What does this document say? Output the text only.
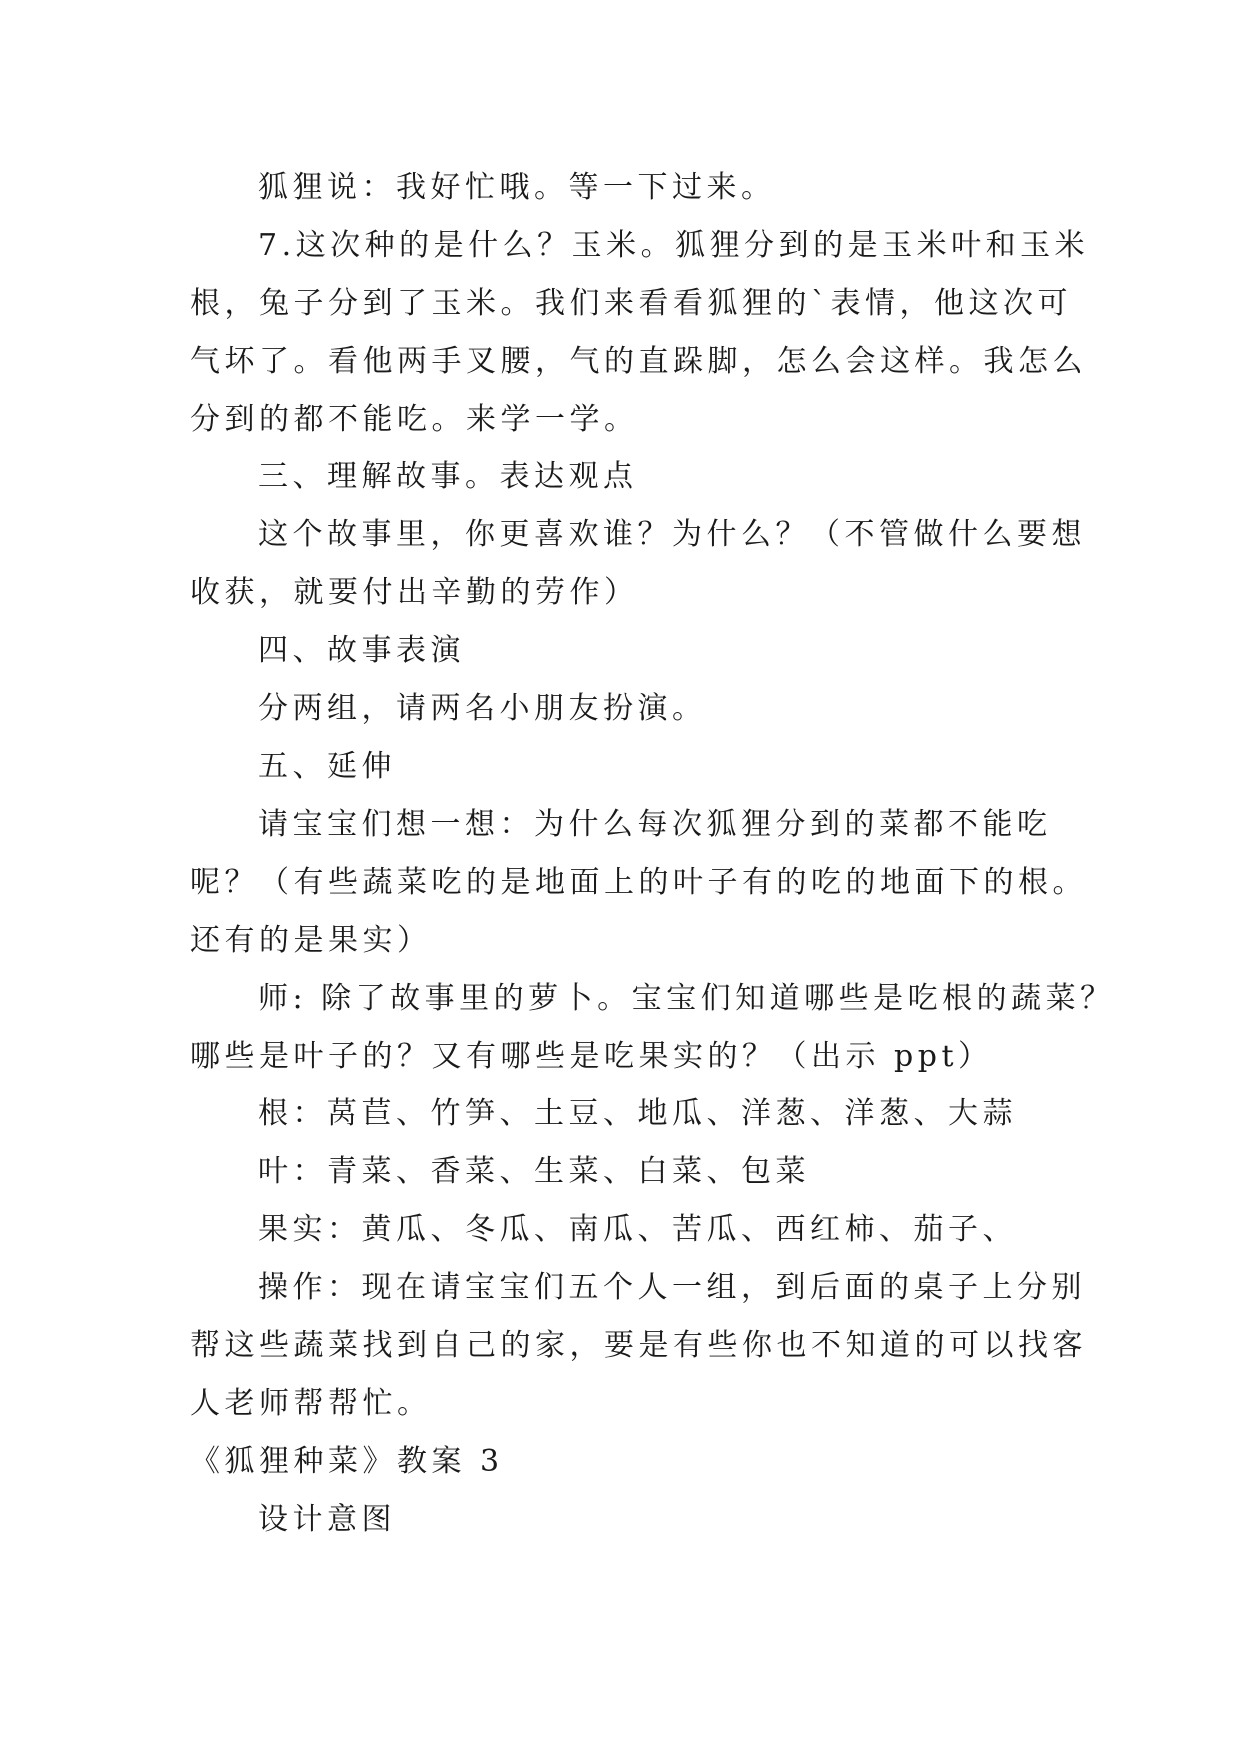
狐狸说：我好忙哦。等一下过来。
7.这次种的是什么？玉米。狐狸分到的是玉米叶和玉米
根，兔子分到了玉米。我们来看看狐狸的`表情，他这次可
气坏了。看他两手叉腰，气的直跺脚，怎么会这样。我怎么
分到的都不能吃。来学一学。
三、理解故事。表达观点
这个故事里，你更喜欢谁？为什么？（不管做什么要想
收获，就要付出辛勤的劳作）
四、故事表演
分两组，请两名小朋友扮演。
五、延伸
请宝宝们想一想：为什么每次狐狸分到的菜都不能吃
呢？（有些蔬菜吃的是地面上的叶子有的吃的地面下的根。
还有的是果实）
师: 除了故事里的萝卜。宝宝们知道哪些是吃根的蔬菜？
哪些是叶子的？又有哪些是吃果实的？（出示 ppt）
根：莴苣、竹笋、土豆、地瓜、洋葱、洋葱、大蒜
叶：青菜、香菜、生菜、白菜、包菜
果实：黄瓜、冬瓜、南瓜、苦瓜、西红柿、茄子、
操作：现在请宝宝们五个人一组，到后面的桌子上分别
帮这些蔬菜找到自己的家，要是有些你也不知道的可以找客
人老师帮帮忙。
《狐狸种菜》教案 3
设计意图
